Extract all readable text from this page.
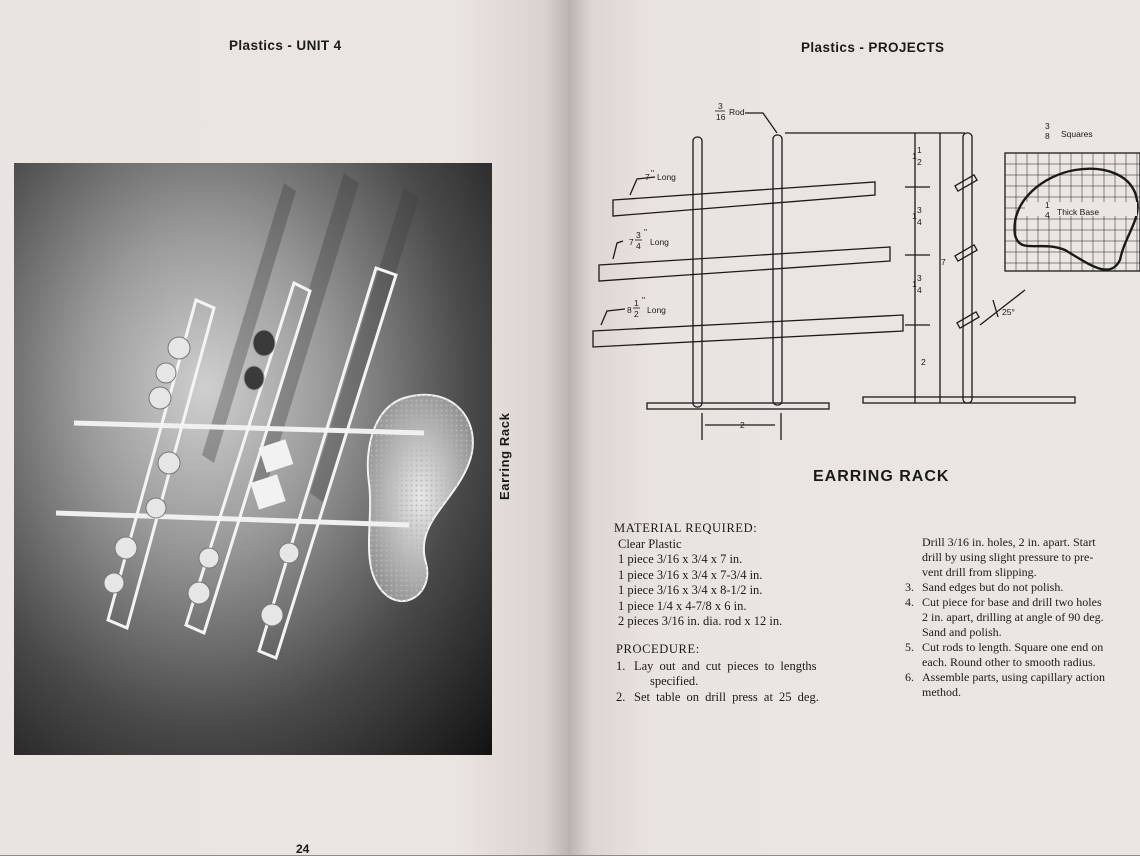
Plastics - UNIT 4
Earring Rack
24
Plastics - PROJECTS
3
16 Rod
7 " Long
7
3
4
"
Long
8
1
2
"
Long
1
1
2
1
3
4
1
3
4
2
7
2
25°
3
8 Squares
1
4 Thick Base
EARRING RACK
MATERIAL REQUIRED:
Clear Plastic
1 piece 3/16 x 3/4 x 7 in.
1 piece 3/16 x 3/4 x 7-3/4 in.
1 piece 3/16 x 3/4 x 8-1/2 in.
1 piece 1/4 x 4-7/8 x 6 in.
2 pieces 3/16 in. dia. rod x 12 in.
PROCEDURE:
1. Lay out and cut pieces to lengths
specified.
2. Set table on drill press at 25 deg.
Drill 3/16 in. holes, 2 in. apart. Start
drill by using slight pressure to pre-
vent drill from slipping.
3. Sand edges but do not polish.
4. Cut piece for base and drill two holes
2 in. apart, drilling at angle of 90 deg.
Sand and polish.
5. Cut rods to length. Square one end on
each. Round other to smooth radius.
6. Assemble parts, using capillary action
method.
